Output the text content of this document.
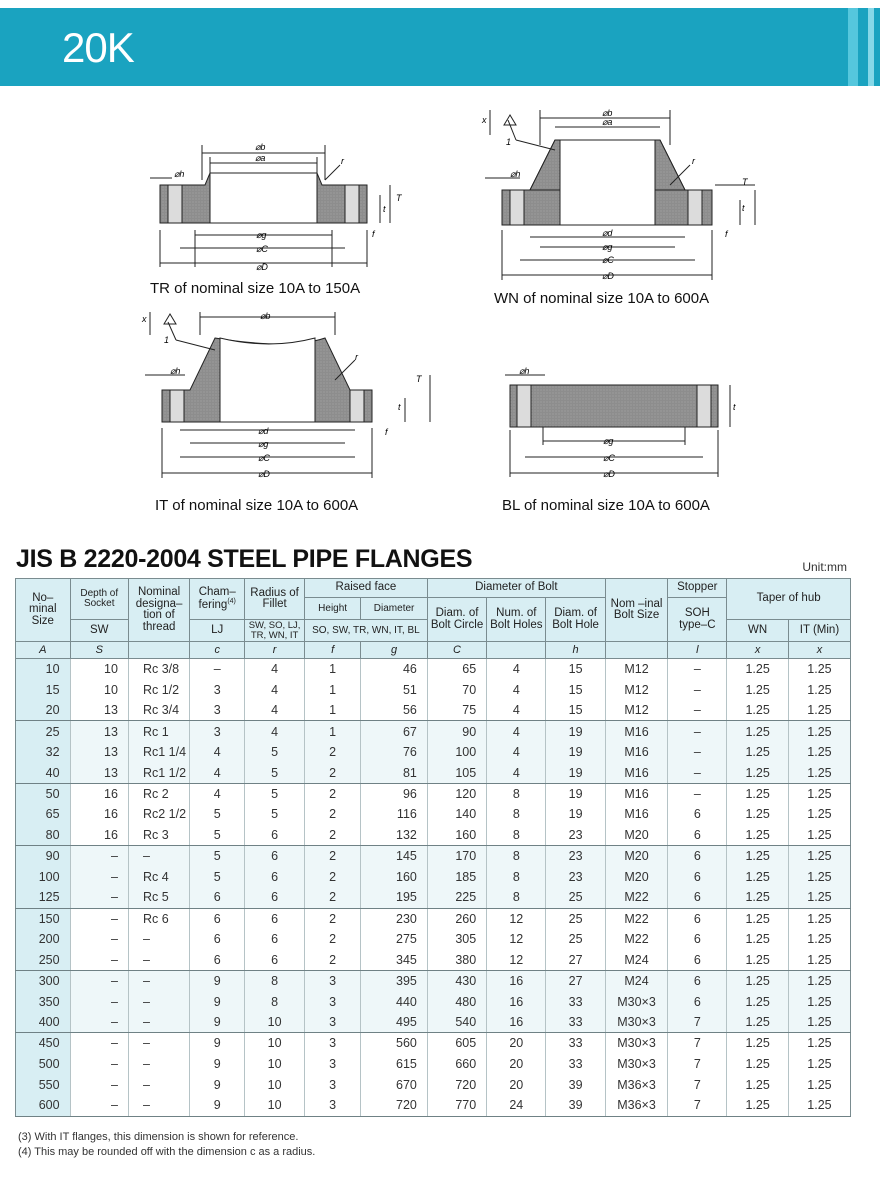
20K
⌀b
⌀a
⌀h
r
T
t
f
⌀g
⌀C
⌀D
TR of nominal size 10A to 150A
x
1
⌀b
⌀a
⌀h
r
T
t
f
⌀d
⌀g
⌀C
⌀D
WN of nominal size 10A to 600A
x
1
⌀b
⌀h
r
T
t
f
⌀d
⌀g
⌀C
⌀D
IT of nominal size 10A to 600A
⌀h
t
⌀g
⌀C
⌀D
BL of nominal size 10A to 600A
JIS B 2220-2004 STEEL PIPE FLANGES	Unit:mm
No–
minal
Size	Depth of Socket	Nominal designa– tion of thread	Cham– fering$^{(4)}$	Radius of Fillet	Raised face		Diameter of Bolt			Nom –inal Bolt Size	Stopper	Taper of hub	
					Height	Diameter	Diam. of Bolt Circle	Num. of Bolt Holes	Diam. of Bolt Hole		SOH type–C		
	SW		LJ	SW, SO, LJ, TR, WN, IT	SO, SW, TR, WN, IT, BL							WN	IT (Min)
A	S		c	r	f	g	C		h		l	x	x
10	10	Rc 3/8	–	4	1	46	65	4	15	M12	–	1.25	1.25
15	10	Rc 1/2	3	4	1	51	70	4	15	M12	–	1.25	1.25
20	13	Rc 3/4	3	4	1	56	75	4	15	M12	–	1.25	1.25
25	13	Rc 1	3	4	1	67	90	4	19	M16	–	1.25	1.25
32	13	Rc1 1/4	4	5	2	76	100	4	19	M16	–	1.25	1.25
40	13	Rc1 1/2	4	5	2	81	105	4	19	M16	–	1.25	1.25
50	16	Rc 2	4	5	2	96	120	8	19	M16	–	1.25	1.25
65	16	Rc2 1/2	5	5	2	116	140	8	19	M16	6	1.25	1.25
80	16	Rc 3	5	6	2	132	160	8	23	M20	6	1.25	1.25
90	–	–	5	6	2	145	170	8	23	M20	6	1.25	1.25
100	–	Rc 4	5	6	2	160	185	8	23	M20	6	1.25	1.25
125	–	Rc 5	6	6	2	195	225	8	25	M22	6	1.25	1.25
150	–	Rc 6	6	6	2	230	260	12	25	M22	6	1.25	1.25
200	–	–	6	6	2	275	305	12	25	M22	6	1.25	1.25
250	–	–	6	6	2	345	380	12	27	M24	6	1.25	1.25
300	–	–	9	8	3	395	430	16	27	M24	6	1.25	1.25
350	–	–	9	8	3	440	480	16	33	M30×3	6	1.25	1.25
400	–	–	9	10	3	495	540	16	33	M30×3	7	1.25	1.25
450	–	–	9	10	3	560	605	20	33	M30×3	7	1.25	1.25
500	–	–	9	10	3	615	660	20	33	M30×3	7	1.25	1.25
550	–	–	9	10	3	670	720	20	39	M36×3	7	1.25	1.25
600	–	–	9	10	3	720	770	24	39	M36×3	7	1.25	1.25
(3) With IT flanges, this dimension is shown for reference.
(4) This may be rounded off with the dimension c as a radius.
